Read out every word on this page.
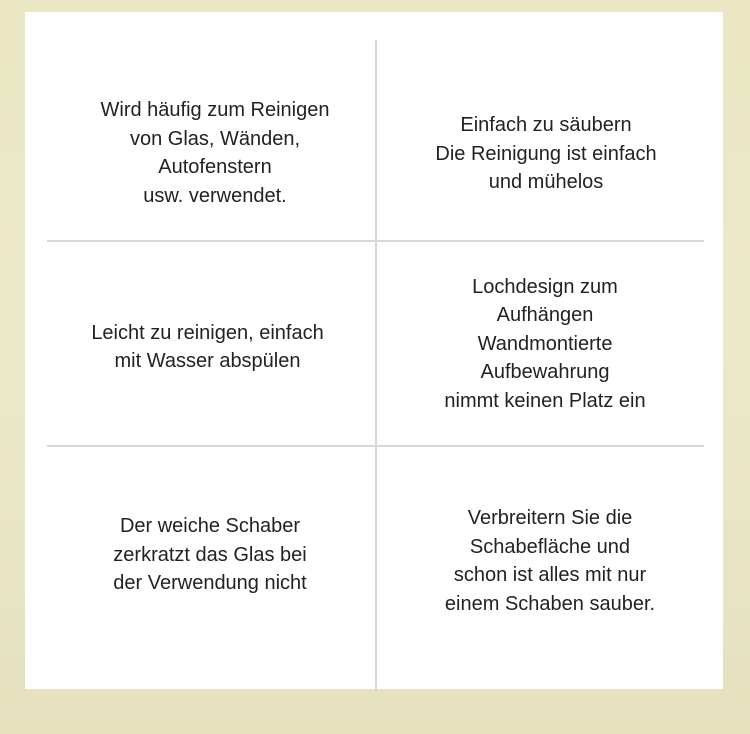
Wird häufig zum Reinigen
von Glas, Wänden,
Autofenstern
usw. verwendet.
Einfach zu säubern
Die Reinigung ist einfach
und mühelos
Leicht zu reinigen, einfach
mit Wasser abspülen
Lochdesign zum
Aufhängen
Wandmontierte
Aufbewahrung
nimmt keinen Platz ein
Der weiche Schaber
zerkratzt das Glas bei
der Verwendung nicht
Verbreitern Sie die
Schabefläche und
schon ist alles mit nur
einem Schaben sauber.
